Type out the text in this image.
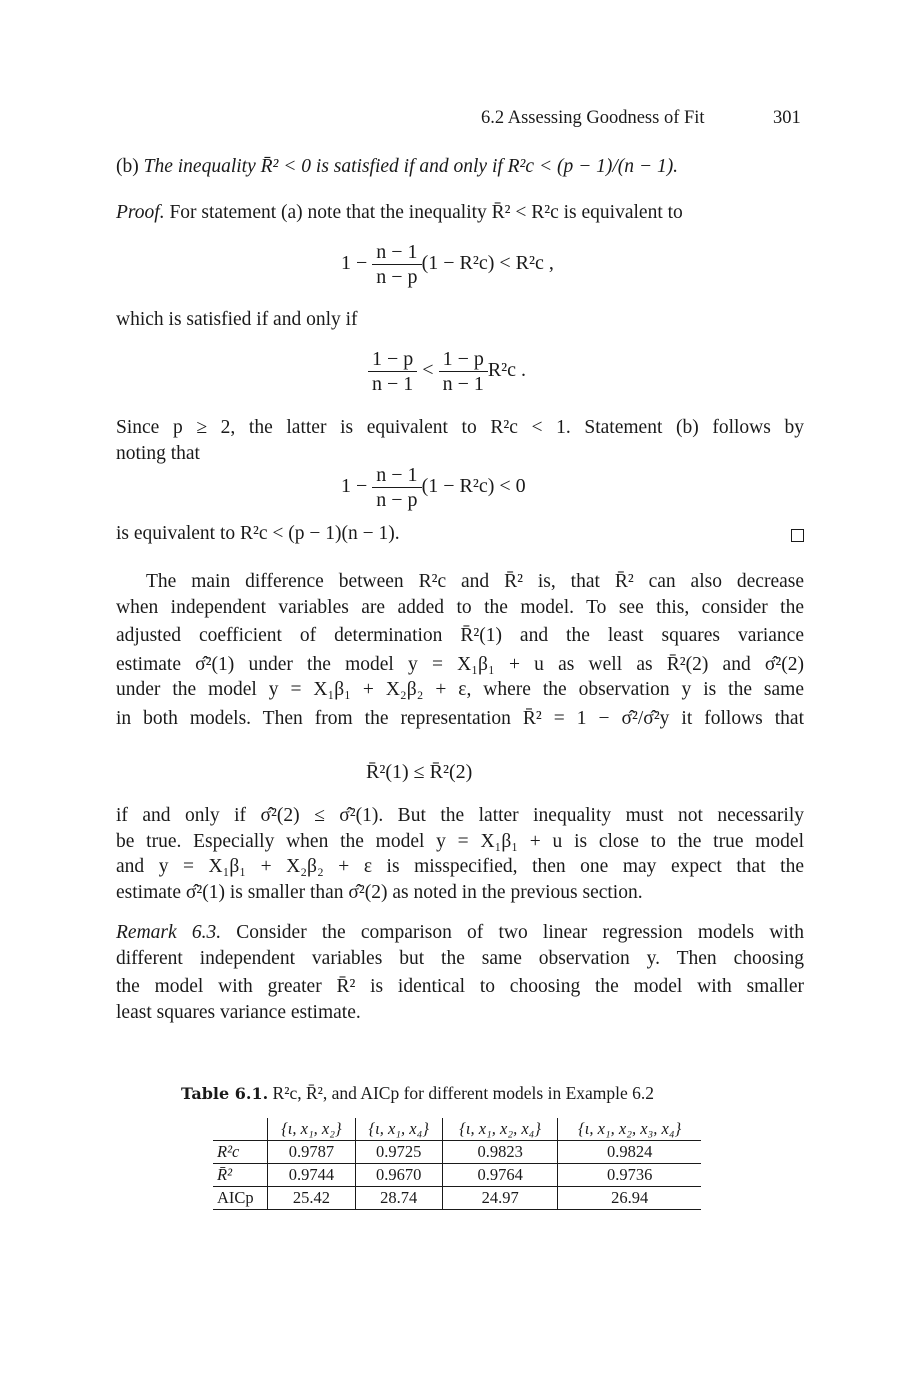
6.2 Assessing Goodness of Fit	301
(b) The inequality R̄² < 0 is satisfied if and only if R²c < (p − 1)/(n − 1).
Proof. For statement (a) note that the inequality R̄² < R²c is equivalent to
$1 - \frac{n - 1}{n - p} (1 - R^2c) < R^2c$ ,
which is satisfied if and only if
$\frac{1 - p}{n - 1} < \frac{1 - p}{n - 1} R^2c$ .
Since p ≥ 2, the latter is equivalent to R²c < 1. Statement (b) follows by
noting that
$1 - \frac{n - 1}{n - p} (1 - R^2c) < 0$
is equivalent to R²c < (p − 1)(n − 1).
The main difference between R²c and R̄² is, that R̄² can also decrease
when independent variables are added to the model. To see this, consider the
adjusted coefficient of determination R̄²(1) and the least squares variance
estimate σ̂²(1) under the model y = X₁β₁ + u as well as R̄²(2) and σ̂²(2)
under the model y = X₁β₁ + X₂β₂ + ε, where the observation y is the same
in both models. Then from the representation R̄² = 1 − σ̂²/σ̂²y it follows that
R̄²(1) ≤ R̄²(2)
if and only if σ̂²(2) ≤ σ̂²(1). But the latter inequality must not necessarily
be true. Especially when the model y = X₁β₁ + u is close to the true model
and y = X₁β₁ + X₂β₂ + ε is misspecified, then one may expect that the
estimate σ̂²(1) is smaller than σ̂²(2) as noted in the previous section.
Remark 6.3. Consider the comparison of two linear regression models with
different independent variables but the same observation y. Then choosing
the model with greater R̄² is identical to choosing the model with smaller
least squares variance estimate.
Table 6.1. R²c, R̄², and AICp for different models in Example 6.2
	{ι, x₁, x₂}	{ι, x₁, x₄}	{ι, x₁, x₂, x₄}	{ι, x₁, x₂, x₃, x₄}
R²c	0.9787	0.9725	0.9823	0.9824
R̄²	0.9744	0.9670	0.9764	0.9736
AICp	25.42	28.74	24.97	26.94
